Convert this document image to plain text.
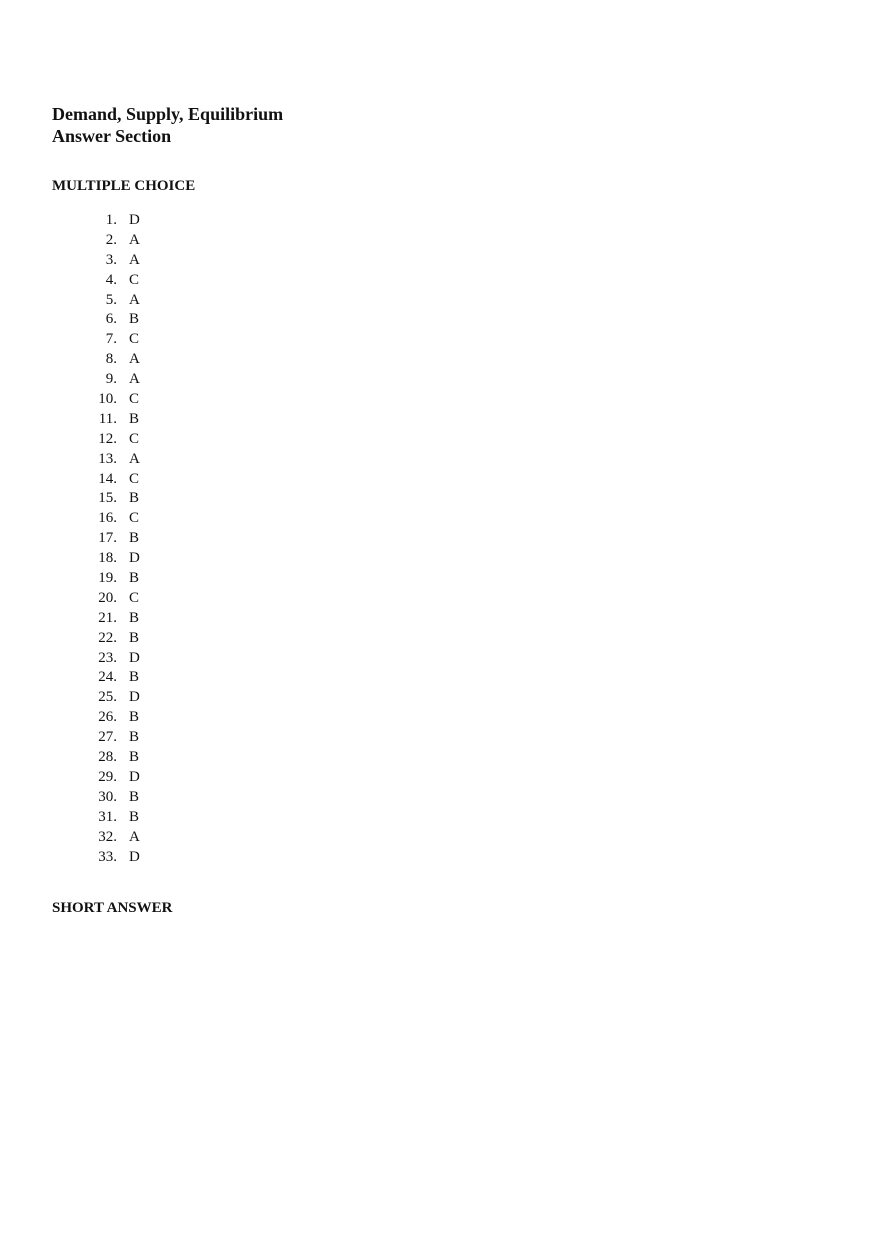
Demand, Supply, Equilibrium
Answer Section
MULTIPLE CHOICE
1. D
2. A
3. A
4. C
5. A
6. B
7. C
8. A
9. A
10. C
11. B
12. C
13. A
14. C
15. B
16. C
17. B
18. D
19. B
20. C
21. B
22. B
23. D
24. B
25. D
26. B
27. B
28. B
29. D
30. B
31. B
32. A
33. D
SHORT ANSWER
